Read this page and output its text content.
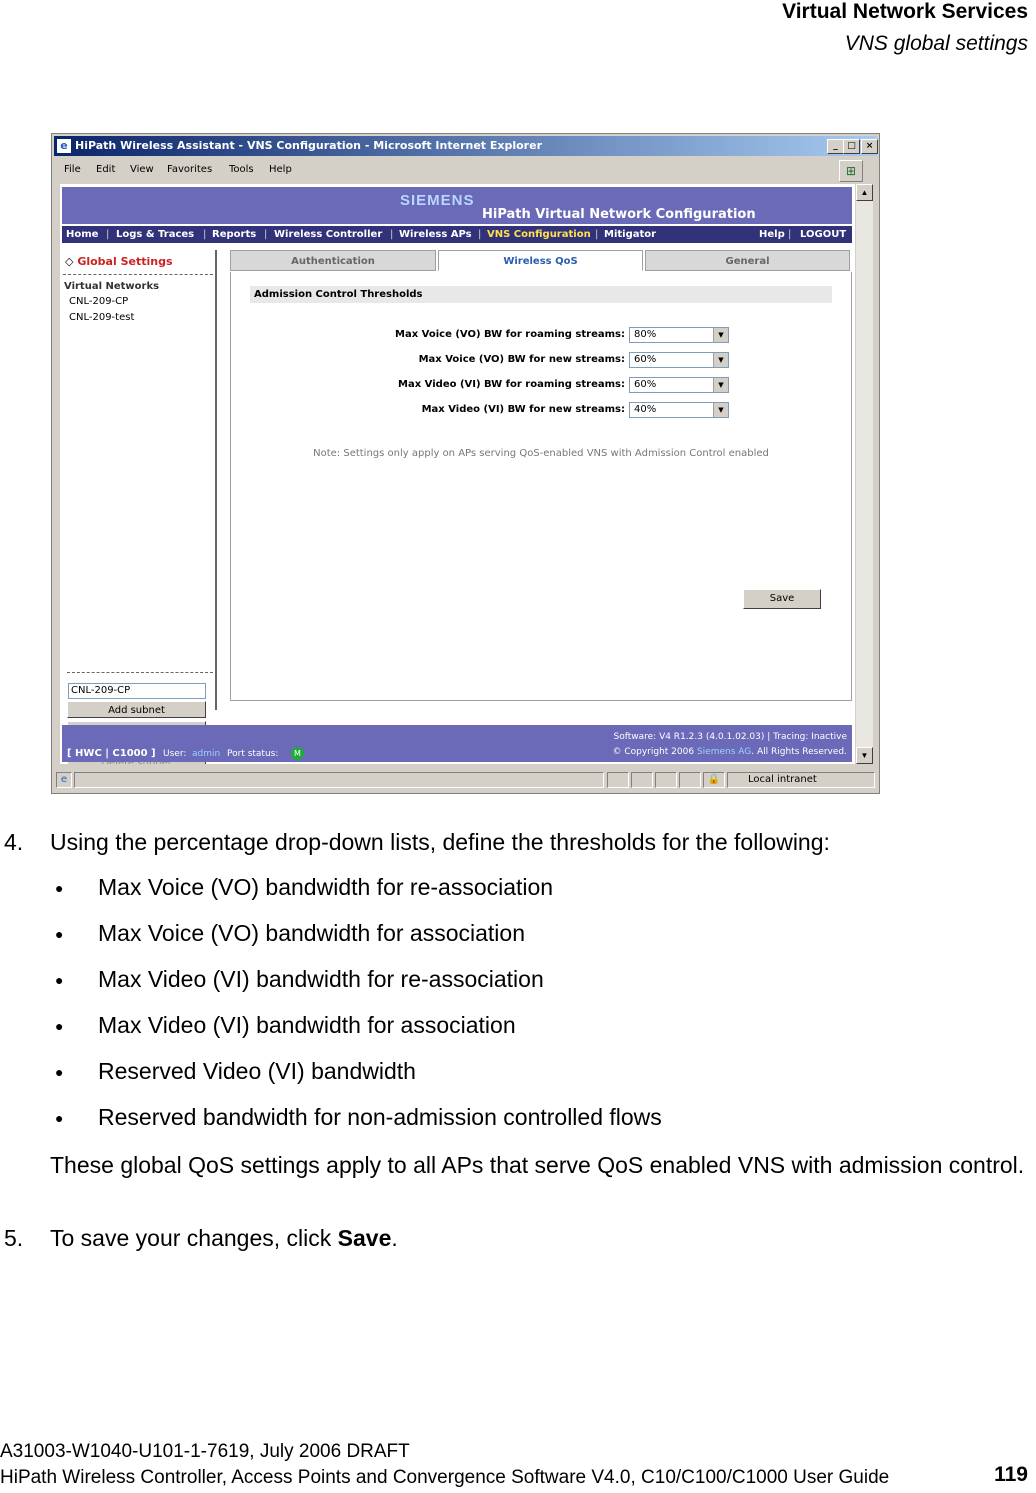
Virtual Network Services
VNS global settings
e HiPath Wireless Assistant - VNS Configuration - Microsoft Internet Explorer	_	□	×
File Edit View Favorites Tools Help	⊞
SIEMENS
HiPath Virtual Network Configuration
Home | Logs & Traces | Reports | Wireless Controller | Wireless APs | VNS Configuration | Mitigator	Help | LOGOUT
◇ Global Settings
Virtual Networks
CNL-209-CP
CNL-209-test
CNL-209-CP
Add subnet
Authentication	Wireless QoS	General
Admission Control Thresholds
Max Voice (VO) BW for roaming streams: 80%	▼
Max Voice (VO) BW for new streams: 60%	▼
Max Video (VI) BW for roaming streams: 60%	▼
Max Video (VI) BW for new streams: 40%	▼
Note: Settings only apply on APs serving QoS-enabled VNS with Admission Control enabled
Save
[ HWC | C1000 ] User: admin Port status:	M
Software: V4 R1.2.3 (4.0.1.02.03) | Tracing: Inactive
© Copyright 2006 Siemens AG. All Rights Reserved.
▲
▼
e	🔒	Local intranet
4. Using the percentage drop-down lists, define the thresholds for the following:
● Max Voice (VO) bandwidth for re-association
● Max Voice (VO) bandwidth for association
● Max Video (VI) bandwidth for re-association
● Max Video (VI) bandwidth for association
● Reserved Video (VI) bandwidth
● Reserved bandwidth for non-admission controlled flows
These global QoS settings apply to all APs that serve QoS enabled VNS with admission control.
5. To save your changes, click Save.
A31003-W1040-U101-1-7619, July 2006 DRAFT
HiPath Wireless Controller, Access Points and Convergence Software V4.0, C10/C100/C1000 User Guide	119
